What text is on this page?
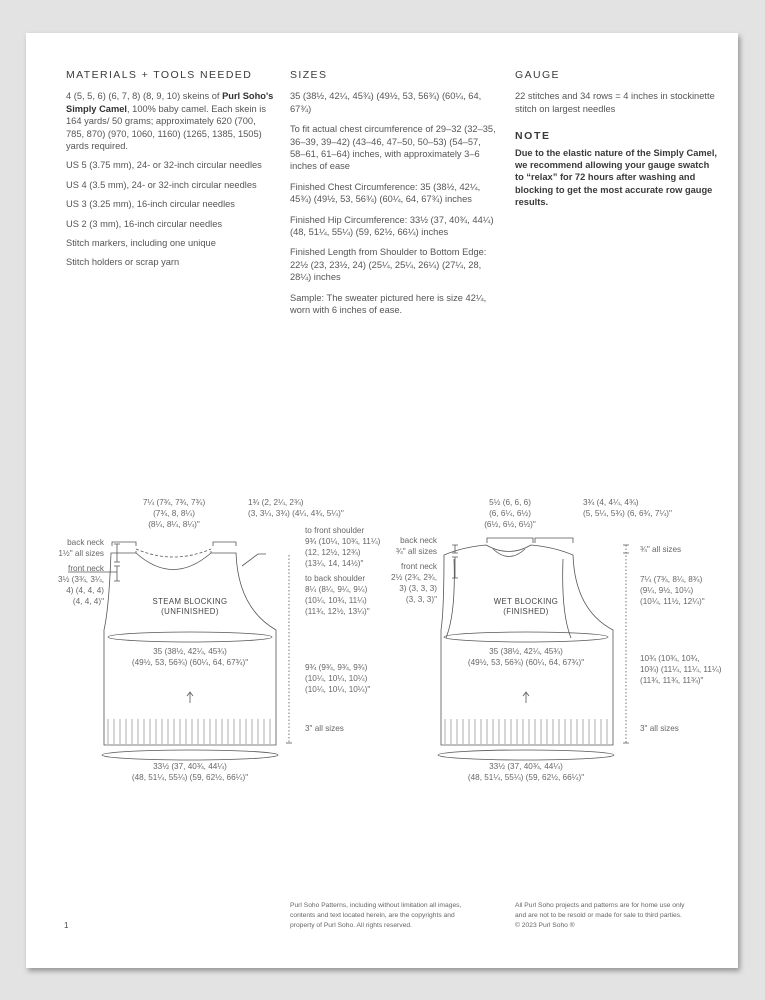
MATERIALS + TOOLS NEEDED

4 (5, 5, 6) (6, 7, 8) (8, 9, 10) skeins of Purl Soho's Simply Camel, 100% baby camel. Each skein is 164 yards/ 50 grams; approximately 620 (700, 785, 870) (970, 1060, 1160) (1265, 1385, 1505) yards required.

US 5 (3.75 mm), 24- or 32-inch circular needles

US 4 (3.5 mm), 24- or 32-inch circular needles

US 3 (3.25 mm), 16-inch circular needles

US 2 (3 mm), 16-inch circular needles

Stitch markers, including one unique

Stitch holders or scrap yarn

SIZES

35 (38½, 42¼, 45¾) (49½, 53, 56¾) (60¼, 64, 67¾)

To fit actual chest circumference of 29–32 (32–35, 36–39, 39–42) (43–46, 47–50, 50–53) (54–57, 58–61, 61–64) inches, with approximately 3–6 inches of ease

Finished Chest Circumference: 35 (38½, 42¼, 45¾) (49½, 53, 56¾) (60¼, 64, 67¾) inches

Finished Hip Circumference: 33½ (37, 40¾, 44¼) (48, 51¼, 55¼) (59, 62½, 66¼) inches

Finished Length from Shoulder to Bottom Edge: 22½ (23, 23½, 24) (25¼, 25¼, 26¼) (27¼, 28, 28¼) inches

Sample: The sweater pictured here is size 42¼, worn with 6 inches of ease.

GAUGE

22 stitches and 34 rows = 4 inches in stockinette stitch on largest needles

NOTE

Due to the elastic nature of the Simply Camel, we recommend allowing your gauge swatch to “relax” for 72 hours after washing and blocking to get the most accurate row gauge results.

7¼ (7¾, 7¾, 7¾)
(7¾, 8, 8¼)
(8¼, 8¼, 8¼)"
1¾ (2, 2¼, 2¾)
(3, 3¼, 3¾) (4¼, 4¾, 5¼)"
back neck
1½" all sizes
front neck
3½ (3¾, 3¼,
4) (4, 4, 4)
(4, 4, 4)"
to front shoulder
9¾ (10¼, 10¾, 11¼)
(12, 12½, 12¾)
(13¼, 14, 14½)"
to back shoulder
8¼ (8¼, 9¼, 9¼)
(10¼, 10¾, 11¼)
(11¾, 12½, 13¼)"
STEAM BLOCKING
(UNFINISHED)
35 (38½, 42¼, 45¾)
(49½, 53, 56¾) (60¼, 64, 67¾)"
9¾ (9¾, 9¾, 9¾)
(10¼, 10¼, 10¼)
(10¼, 10¼, 10¼)"
3" all sizes
33½ (37, 40¾, 44¼)
(48, 51¼, 55¼) (59, 62½, 66¼)"
5½ (6, 6, 6)
(6, 6¼, 6½)
(6½, 6½, 6½)"
3¾ (4, 4¼, 4¾)
(5, 5¼, 5¾) (6, 6¾, 7¼)"
back neck
¾" all sizes
front neck
2½ (2¾, 2¾,
3) (3, 3, 3)
(3, 3, 3)"
¾" all sizes
7¼ (7¾, 8¼, 8¾)
(9¼, 9½, 10¼)
(10¼, 11½, 12¼)"
WET BLOCKING
(FINISHED)
35 (38½, 42¼, 45¾)
(49½, 53, 56¾) (60¼, 64, 67¾)"	10¾ (10¾, 10¾,
10¾) (11¼, 11¼, 11¼)
(11¾, 11¾, 11¾)"
3" all sizes
33½ (37, 40¾, 44¼)
(48, 51¼, 55¼) (59, 62½, 66¼)"
1
Purl Soho Patterns, including without limitation all images,
contents and text located herein, are the copyrights and
property of Purl Soho. All rights reserved.
All Purl Soho projects and patterns are for home use only
and are not to be resold or made for sale to third parties.
© 2023 Purl Soho ®
